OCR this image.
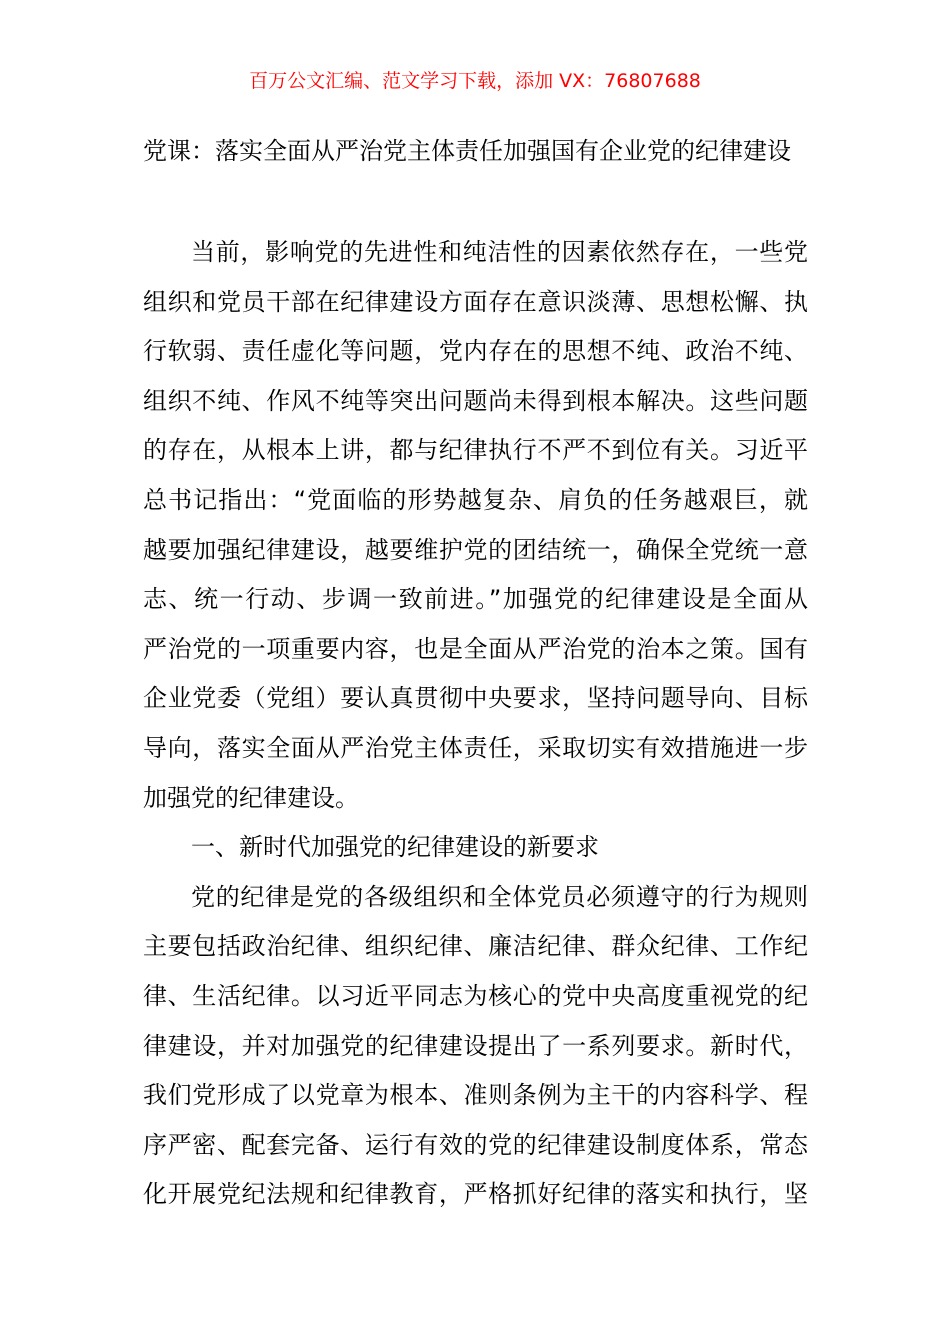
百万公文汇编、范文学习下载，添加 VX：76807688
党课：落实全面从严治党主体责任加强国有企业党的纪律建设
当前，影响党的先进性和纯洁性的因素依然存在，一些党
组织和党员干部在纪律建设方面存在意识淡薄、思想松懈、执
行软弱、责任虚化等问题，党内存在的思想不纯、政治不纯、
组织不纯、作风不纯等突出问题尚未得到根本解决。这些问题
的存在，从根本上讲，都与纪律执行不严不到位有关。习近平
总书记指出：“党面临的形势越复杂、肩负的任务越艰巨，就
越要加强纪律建设，越要维护党的团结统一，确保全党统一意
志、统一行动、步调一致前进。”加强党的纪律建设是全面从
严治党的一项重要内容，也是全面从严治党的治本之策。国有
企业党委（党组）要认真贯彻中央要求，坚持问题导向、目标
导向，落实全面从严治党主体责任，采取切实有效措施进一步
加强党的纪律建设。
一、新时代加强党的纪律建设的新要求
党的纪律是党的各级组织和全体党员必须遵守的行为规则
主要包括政治纪律、组织纪律、廉洁纪律、群众纪律、工作纪
律、生活纪律。以习近平同志为核心的党中央高度重视党的纪
律建设，并对加强党的纪律建设提出了一系列要求。新时代，
我们党形成了以党章为根本、准则条例为主干的内容科学、程
序严密、配套完备、运行有效的党的纪律建设制度体系，常态
化开展党纪法规和纪律教育，严格抓好纪律的落实和执行，坚
